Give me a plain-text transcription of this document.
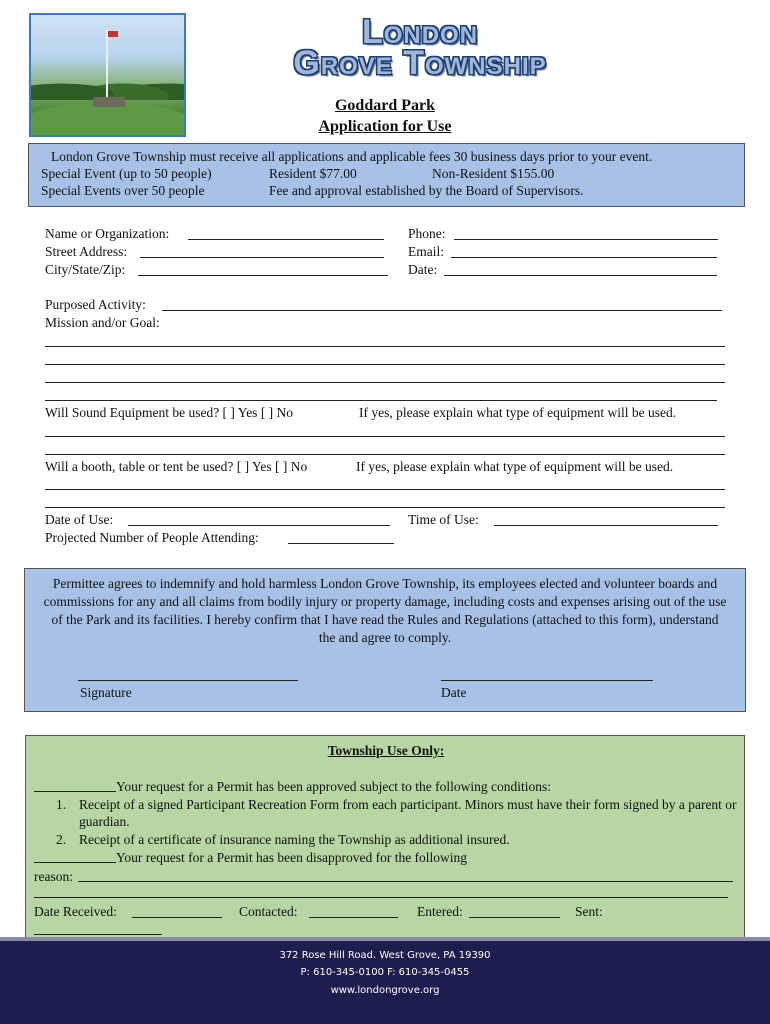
London
Grove Township
Goddard Park
Application for Use
London Grove Township must receive all applications and applicable fees 30 business days prior to your event.
Special Event (up to 50 people)	Resident $77.00	Non-Resident $155.00
Special Events over 50 people	Fee and approval established by the Board of Supervisors.
Name or Organization:
Street Address:
City/State/Zip:
Phone:
Email:
Date:
Purposed Activity:
Mission and/or Goal:
Will Sound Equipment be used? [ ] Yes [ ] No	If yes, please explain what type of equipment will be used.
Will a booth, table or tent be used? [ ] Yes [ ] No	If yes, please explain what type of equipment will be used.
Date of Use:	Time of Use:
Projected Number of People Attending:
Permittee agrees to indemnify and hold harmless London Grove Township, its employees elected and volunteer boards and commissions for any and all claims from bodily injury or property damage, including costs and expenses arising out of the use of the Park and its facilities. I hereby confirm that I have read the Rules and Regulations (attached to this form), understand the and agree to comply.
Signature	Date
Township Use Only:
Your request for a Permit has been approved subject to the following conditions:
1. Receipt of a signed Participant Recreation Form from each participant. Minors must have their form signed by a parent or guardian.
2. Receipt of a certificate of insurance naming the Township as additional insured.
Your request for a Permit has been disapproved for the following
reason:
Date Received:	Contacted:	Entered:	Sent:
372 Rose Hill Road. West Grove, PA 19390
P: 610-345-0100 F: 610-345-0455
www.londongrove.org
